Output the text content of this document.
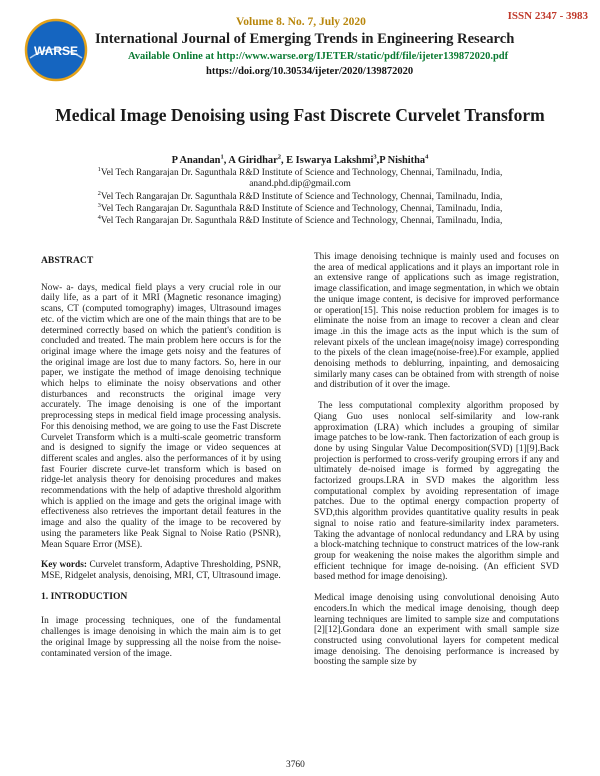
WARSE
ISSN 2347 - 3983
Volume 8. No. 7, July 2020
International Journal of Emerging Trends in Engineering Research
Available Online at http://www.warse.org/IJETER/static/pdf/file/ijeter139872020.pdf
https://doi.org/10.30534/ijeter/2020/139872020
Medical Image Denoising using Fast Discrete Curvelet Transform
P Anandan$^1$, A Giridhar$^2$, E Iswarya Lakshmi$^3$,P Nishitha$^4$
$^1$Vel Tech Rangarajan Dr. Sagunthala R&D Institute of Science and Technology, Chennai, Tamilnadu, India,
anand.phd.dip@gmail.com
$^2$Vel Tech Rangarajan Dr. Sagunthala R&D Institute of Science and Technology, Chennai, Tamilnadu, India,
$^3$Vel Tech Rangarajan Dr. Sagunthala R&D Institute of Science and Technology, Chennai, Tamilnadu, India,
$^4$Vel Tech Rangarajan Dr. Sagunthala R&D Institute of Science and Technology, Chennai, Tamilnadu, India,
ABSTRACT
Now- a- days, medical field plays a very crucial role in our daily life, as a part of it MRI (Magnetic resonance imaging) scans, CT (computed tomography) images, Ultrasound images etc. of the victim which are one of the main things that are to be determined correctly based on which the patient's condition is concluded and treated. The main problem here occurs is for the original image where the image gets noisy and the features of the original image are lost due to many factors. So, here in our paper, we instigate the method of image denoising technique which helps to eliminate the noisy observations and other disturbances and reconstructs the original image very accurately. The image denoising is one of the important preprocessing steps in medical field image processing analysis. For this denoising method, we are going to use the Fast Discrete Curvelet Transform which is a multi-scale geometric transform and is designed to signify the image or video sequences at different scales and angles. also the performances of it by using fast Fourier discrete curve-let transform which is based on ridge-let analysis theory for denoising procedures and makes recommendations with the help of adaptive threshold algorithm which is applied on the image and gets the original image with effectiveness also retrieves the important detail features in the image and also the quality of the image to be recovered by using the parameters like Peak Signal to Noise Ratio (PSNR), Mean Square Error (MSE).
Key words: Curvelet transform, Adaptive Thresholding, PSNR, MSE, Ridgelet analysis, denoising, MRI, CT, Ultrasound image.
1. INTRODUCTION
In image processing techniques, one of the fundamental challenges is image denoising in which the main aim is to get the original Image by suppressing all the noise from the noise-contaminated version of the image.
This image denoising technique is mainly used and focuses on the area of medical applications and it plays an important role in an extensive range of applications such as image registration, image classification, and image segmentation, in which we obtain the unique image content, is decisive for improved performance or operation[15]. This noise reduction problem for images is to eliminate the noise from an image to recover a clean and clear image .in this the image acts as the input which is the sum of relevant pixels of the unclean image(noisy image) corresponding to the pixels of the clean image(noise-free).For example, applied denoising methods to deblurring, inpainting, and demosaicing similarly many cases can be obtained from with strength of noise and distribution of it over the image.
The less computational complexity algorithm proposed by Qiang Guo uses nonlocal self-similarity and low-rank approximation (LRA) which includes a grouping of similar image patches to be low-rank. Then factorization of each group is done by using Singular Value Decomposition(SVD) [1][9].Back projection is performed to cross-verify grouping errors if any and ultimately de-noised image is formed by aggregating the factorized groups.LRA in SVD makes the algorithm less computational complex by avoiding representation of image patches. Due to the optimal energy compaction property of SVD,this algorithm provides quantitative quality results in peak signal to noise ratio and feature-similarity index parameters. Taking the advantage of nonlocal redundancy and LRA by using a block-matching technique to construct matrices of the low-rank group for weakening the noise makes the algorithm simple and efficient technique for image de-noising. (An efficient SVD based method for image denoising).
Medical image denoising using convolutional denoising Auto encoders.In which the medical image denoising, though deep learning techniques are limited to sample size and computations [2][12].Gondara done an experiment with small sample size constructed using convolutional layers for competent medical image denoising. The denoising performance is increased by boosting the sample size by
3760
